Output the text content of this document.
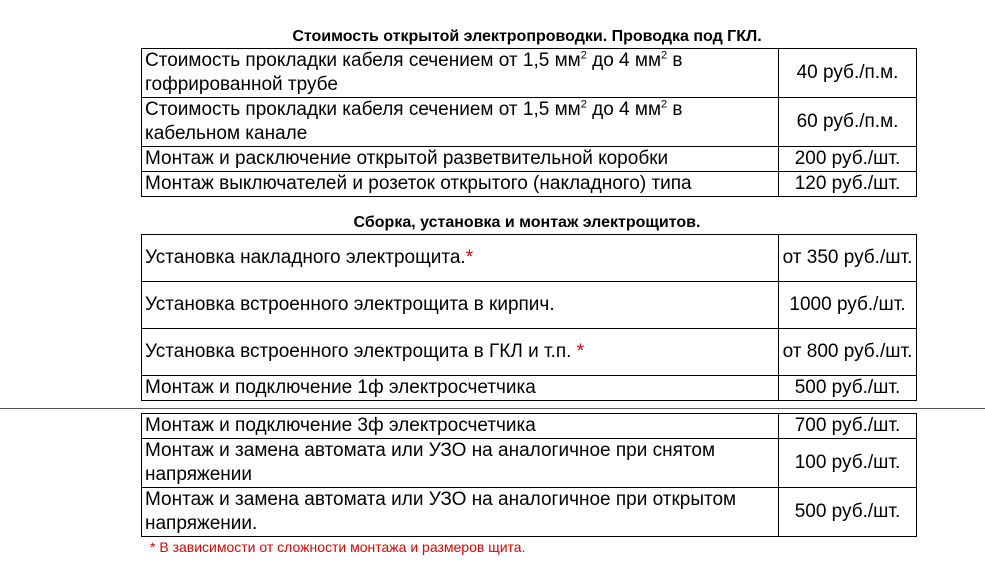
Стоимость открытой электропроводки. Проводка под ГКЛ.
Стоимость прокладки кабеля сечением от 1,5 $мм^2$ до 4 $мм^2$ в гофрированной трубе	40 руб./п.м.
Стоимость прокладки кабеля сечением от 1,5 $мм^2$ до 4 $мм^2$ в кабельном канале	60 руб./п.м.
Монтаж и расключение открытой разветвительной коробки	200 руб./шт.
Монтаж выключателей и розеток открытого (накладного) типа	120 руб./шт.
Сборка, установка и монтаж электрощитов.
Установка накладного электрощита.*	от 350 руб./шт.
Установка встроенного электрощита в кирпич.	1000 руб./шт.
Установка встроенного электрощита в ГКЛ и т.п. *	от 800 руб./шт.
Монтаж и подключение 1ф электросчетчика	500 руб./шт.
Монтаж и подключение 3ф электросчетчика	700 руб./шт.
Монтаж и замена автомата или УЗО на аналогичное при снятом напряжении	100 руб./шт.
Монтаж и замена автомата или УЗО на аналогичное при открытом напряжении.	500 руб./шт.
* В зависимости от сложности монтажа и размеров щита.
